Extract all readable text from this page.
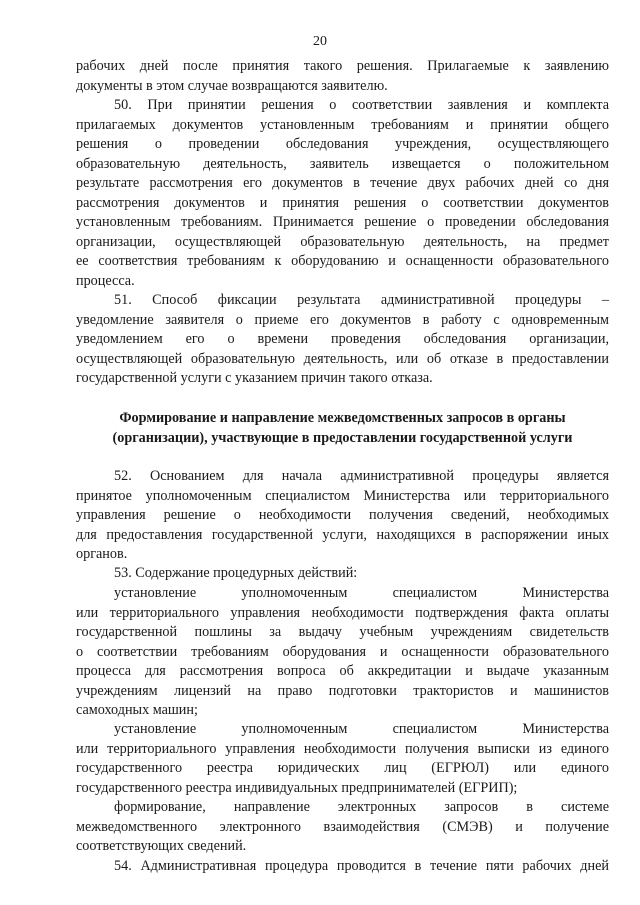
20
рабочих дней после принятия такого решения. Прилагаемые к заявлению
документы в этом случае возвращаются заявителю.
50. При принятии решения о соответствии заявления и комплекта
прилагаемых документов установленным требованиям и принятии общего
решения о проведении обследования учреждения, осуществляющего
образовательную деятельность, заявитель извещается о положительном
результате рассмотрения его документов в течение двух рабочих дней со дня
рассмотрения документов и принятия решения о соответствии документов
установленным требованиям. Принимается решение о проведении обследования
организации, осуществляющей образовательную деятельность, на предмет
ее соответствия требованиям к оборудованию и оснащенности образовательного
процесса.
51. Способ фиксации результата административной процедуры –
уведомление заявителя о приеме его документов в работу с одновременным
уведомлением его о времени проведения обследования организации,
осуществляющей образовательную деятельность, или об отказе в предоставлении
государственной услуги с указанием причин такого отказа.
Формирование и направление межведомственных запросов в органы
(организации), участвующие в предоставлении государственной услуги
52. Основанием для начала административной процедуры является
принятое уполномоченным специалистом Министерства или территориального
управления решение о необходимости получения сведений, необходимых
для предоставления государственной услуги, находящихся в распоряжении иных
органов.
53. Содержание процедурных действий:
установление уполномоченным специалистом Министерства
или территориального управления необходимости подтверждения факта оплаты
государственной пошлины за выдачу учебным учреждениям свидетельств
о соответствии требованиям оборудования и оснащенности образовательного
процесса для рассмотрения вопроса об аккредитации и выдаче указанным
учреждениям лицензий на право подготовки трактористов и машинистов
самоходных машин;
установление уполномоченным специалистом Министерства
или территориального управления необходимости получения выписки из единого
государственного реестра юридических лиц (ЕГРЮЛ) или единого
государственного реестра индивидуальных предпринимателей (ЕГРИП);
формирование, направление электронных запросов в системе
межведомственного электронного взаимодействия (СМЭВ) и получение
соответствующих сведений.
54. Административная процедура проводится в течение пяти рабочих дней
